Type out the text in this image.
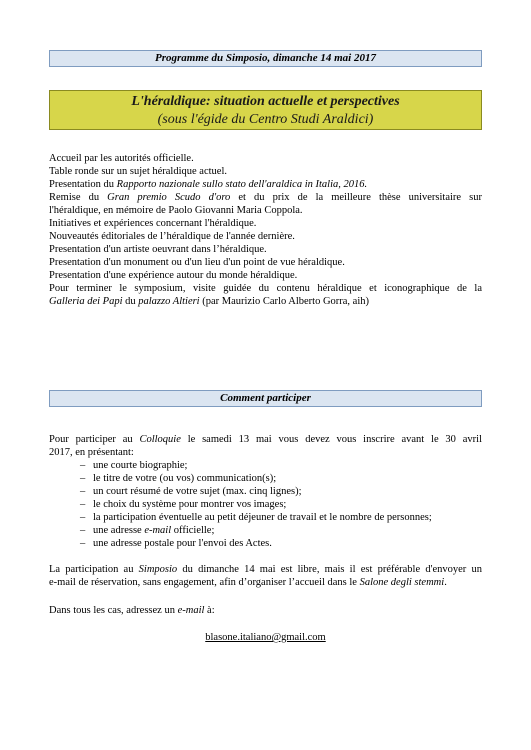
Programme du Simposio, dimanche 14 mai 2017
L'héraldique: situation actuelle et perspectives
(sous l'égide du Centro Studi Araldici)
Accueil par les autorités officielle.
Table ronde sur un sujet héraldique actuel.
Presentation du Rapporto nazionale sullo stato dell'araldica in Italia, 2016.
Remise du Gran premio Scudo d'oro et du prix de la meilleure thèse universitaire sur
l'héraldique, en mémoire de Paolo Giovanni Maria Coppola.
Initiatives et expériences concernant l'héraldique.
Nouveautés éditoriales de l’héraldique de l'année dernière.
Presentation d'un artiste oeuvrant dans l’héraldique.
Presentation d'un monument ou d'un lieu d'un point de vue héraldique.
Presentation d'une expérience autour du monde héraldique.
Pour terminer le symposium, visite guidée du contenu héraldique et iconographique de la
Galleria dei Papi du palazzo Altieri (par Maurizio Carlo Alberto Gorra, aih)
Comment participer
Pour participer au Colloquie le samedi 13 mai vous devez vous inscrire avant le 30 avril
2017, en présentant:
– une courte biographie;
– le titre de votre (ou vos) communication(s);
– un court résumé de votre sujet (max. cinq lignes);
– le choix du système pour montrer vos images;
– la participation éventuelle au petit déjeuner de travail et le nombre de personnes;
– une adresse e-mail officielle;
– une adresse postale pour l'envoi des Actes.
La participation au Simposio du dimanche 14 mai est libre, mais il est préférable d'envoyer un
e-mail de réservation, sans engagement, afin d’organiser l’accueil dans le Salone degli stemmi.
Dans tous les cas, adressez un e-mail à:
blasone.italiano@gmail.com
